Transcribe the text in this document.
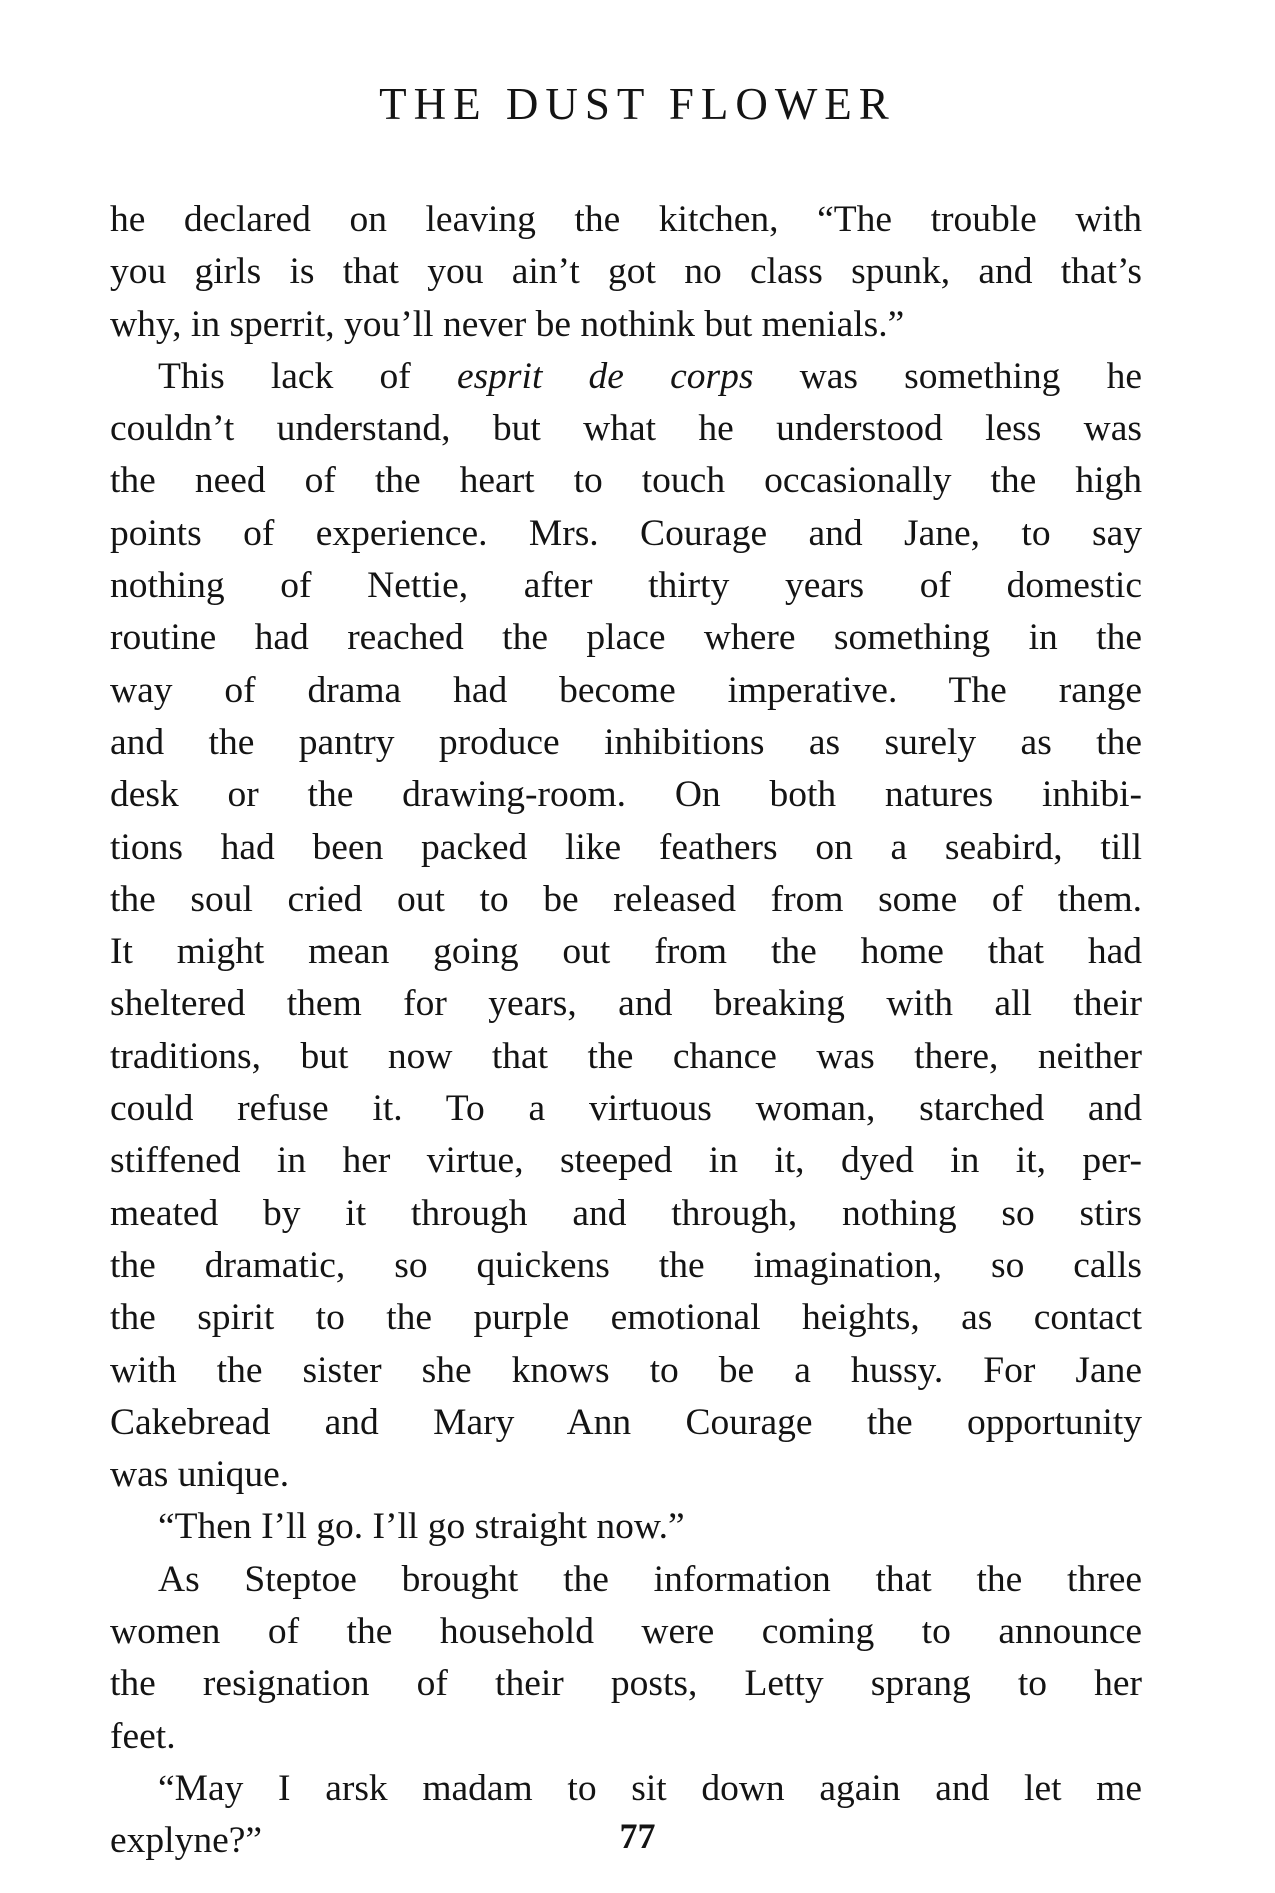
THE DUST FLOWER
he declared on leaving the kitchen, “The trouble with
you girls is that you ain’t got no class spunk, and that’s
why, in sperrit, you’ll never be nothink but menials.”
This lack of esprit de corps was something he
couldn’t understand, but what he understood less was
the need of the heart to touch occasionally the high
points of experience. Mrs. Courage and Jane, to say
nothing of Nettie, after thirty years of domestic
routine had reached the place where something in the
way of drama had become imperative. The range
and the pantry produce inhibitions as surely as the
desk or the drawing-room. On both natures inhibi-
tions had been packed like feathers on a seabird, till
the soul cried out to be released from some of them.
It might mean going out from the home that had
sheltered them for years, and breaking with all their
traditions, but now that the chance was there, neither
could refuse it. To a virtuous woman, starched and
stiffened in her virtue, steeped in it, dyed in it, per-
meated by it through and through, nothing so stirs
the dramatic, so quickens the imagination, so calls
the spirit to the purple emotional heights, as contact
with the sister she knows to be a hussy. For Jane
Cakebread and Mary Ann Courage the opportunity
was unique.
“Then I’ll go. I’ll go straight now.”
As Steptoe brought the information that the three
women of the household were coming to announce
the resignation of their posts, Letty sprang to her
feet.
“May I arsk madam to sit down again and let me
explyne?”	77
